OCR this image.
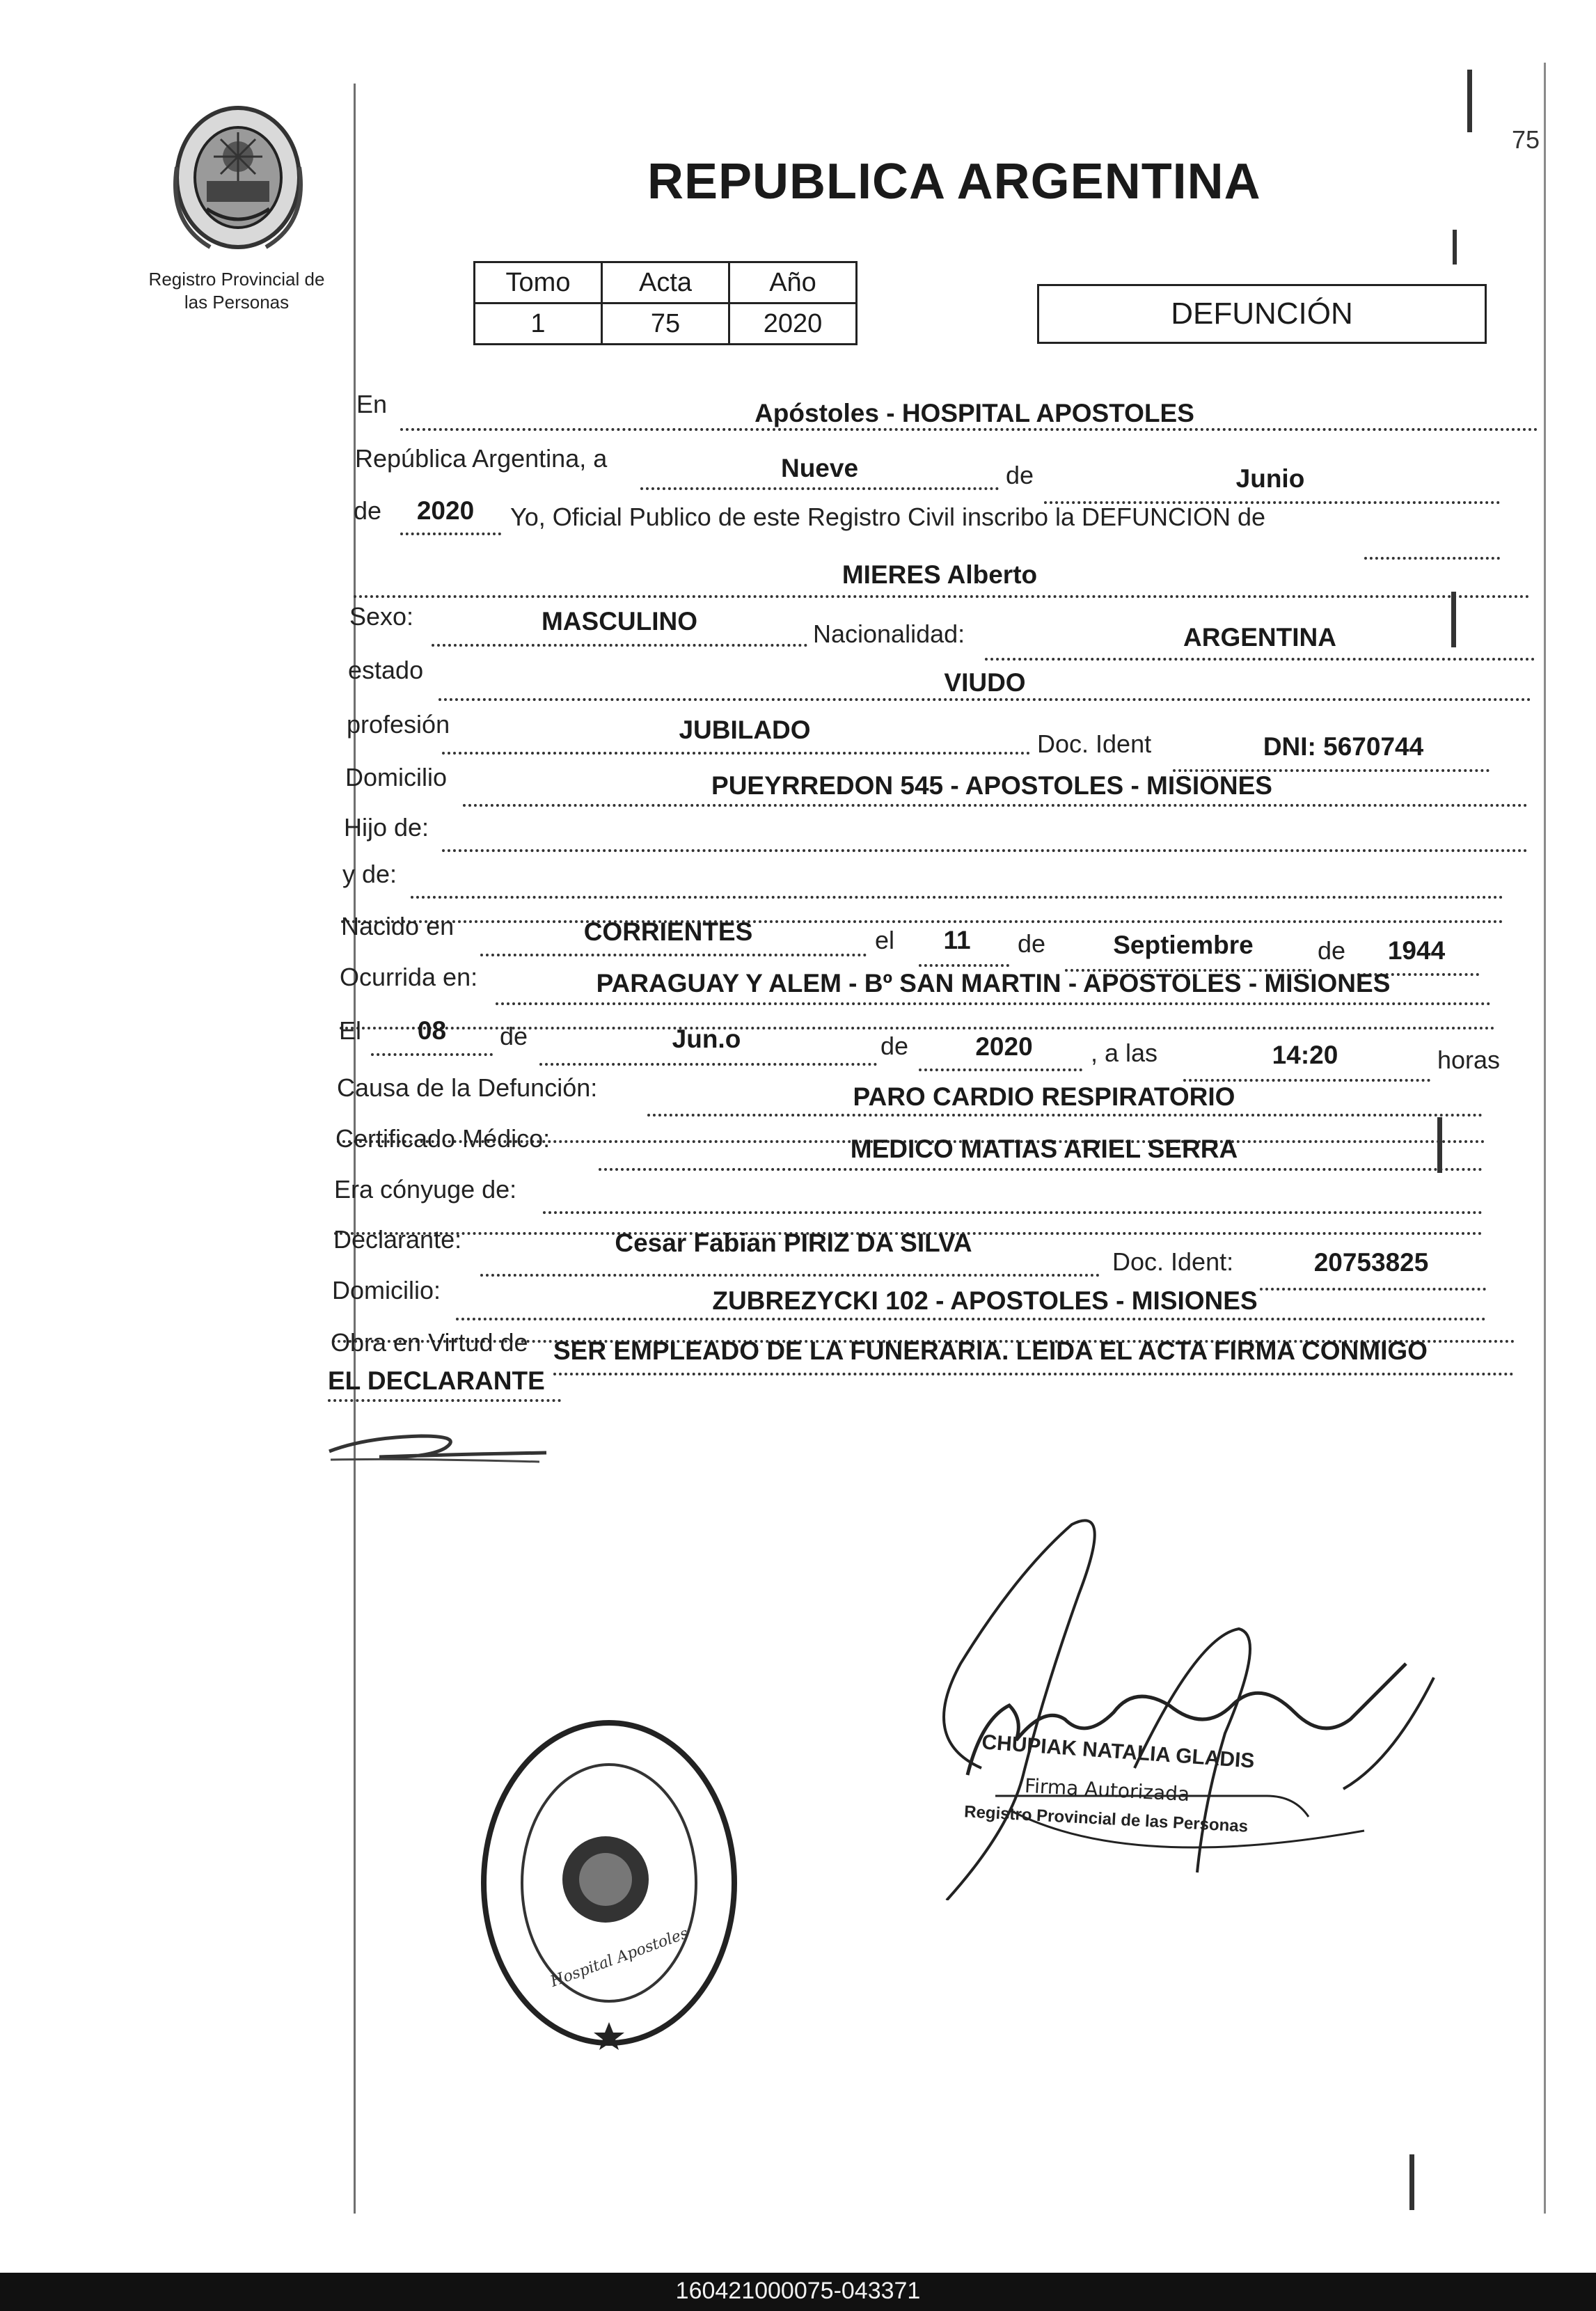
75
Registro Provincial de
las Personas
REPUBLICA ARGENTINA
Tomo	Acta	Año
1	75	2020	DEFUNCIÓN
En	Apóstoles - HOSPITAL APOSTOLES
República Argentina, a	Nueve	de	Junio
de	2020	Yo, Oficial Publico de este Registro Civil inscribo la DEFUNCION de
MIERES Alberto
Sexo:	MASCULINO	Nacionalidad:	ARGENTINA
estado	VIUDO
profesión	JUBILADO	Doc. Ident	DNI: 5670744
Domicilio	PUEYRREDON 545 - APOSTOLES - MISIONES
Hijo de:
y de:
Nacido en	CORRIENTES	el	11	de	Septiembre	de	1944
Ocurrida en:	PARAGUAY Y ALEM - Bº SAN MARTIN - APOSTOLES - MISIONES
El	08	de	Jun.o	de	2020	, a las	14:20	horas
Causa de la Defunción:	PARO CARDIO RESPIRATORIO
Certificado Médico:	MEDICO MATIAS ARIEL SERRA
Era cónyuge de:
Declarante:	Cesar Fabian PIRIZ DA SILVA
Doc. Ident:	20753825
Domicilio:	ZUBREZYCKI 102 - APOSTOLES - MISIONES
Obra en Virtud de SER EMPLEADO DE LA FUNERARIA. LEIDA EL ACTA FIRMA CONMIGO
EL DECLARANTE
Hospital Apostoles
CHUPIAK NATALIA GLADIS
Firma Autorizada
Registro Provincial de las Personas
160421000075-043371
